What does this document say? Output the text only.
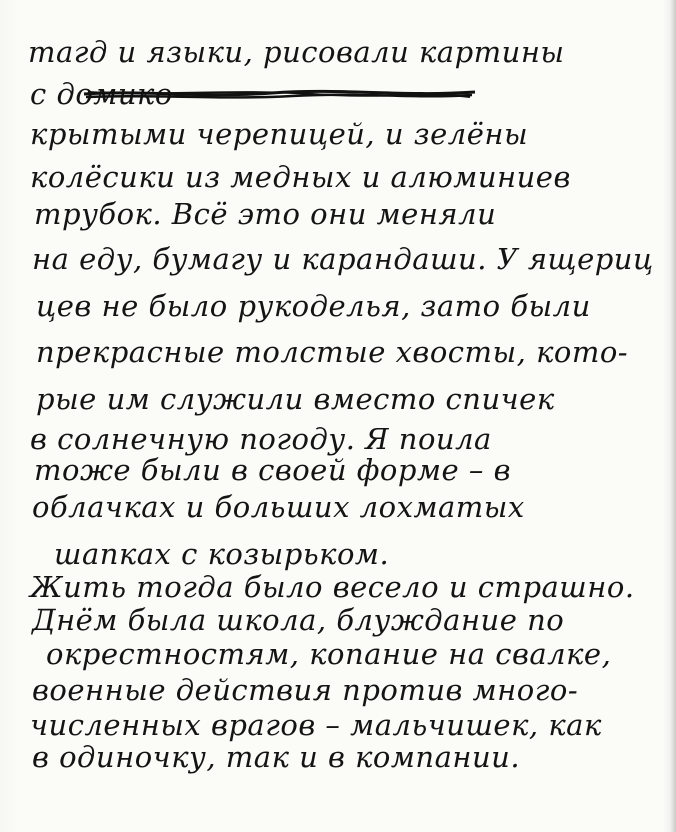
тагд и языки, рисовали картины

с домико-

крытыми черепицей, и зелёны

колёсики из медных и алюминиев

трубок. Всё это они меняли

на еду, бумагу и карандаши. У ящериц

цев не было рукоделья, зато были

прекрасные толстые хвосты, кото-

рые им служили вместо спичек

в солнечную погоду. Я поила

тоже были в своей форме – в

облачках и больших лохматых

шапках с козырьком.

Жить тогда было весело и страшно.

Днём была школа, блуждание по

окрестностям, копание на свалке,

военные действия против много-

численных врагов – мальчишек, как

в одиночку, так и в компании.
